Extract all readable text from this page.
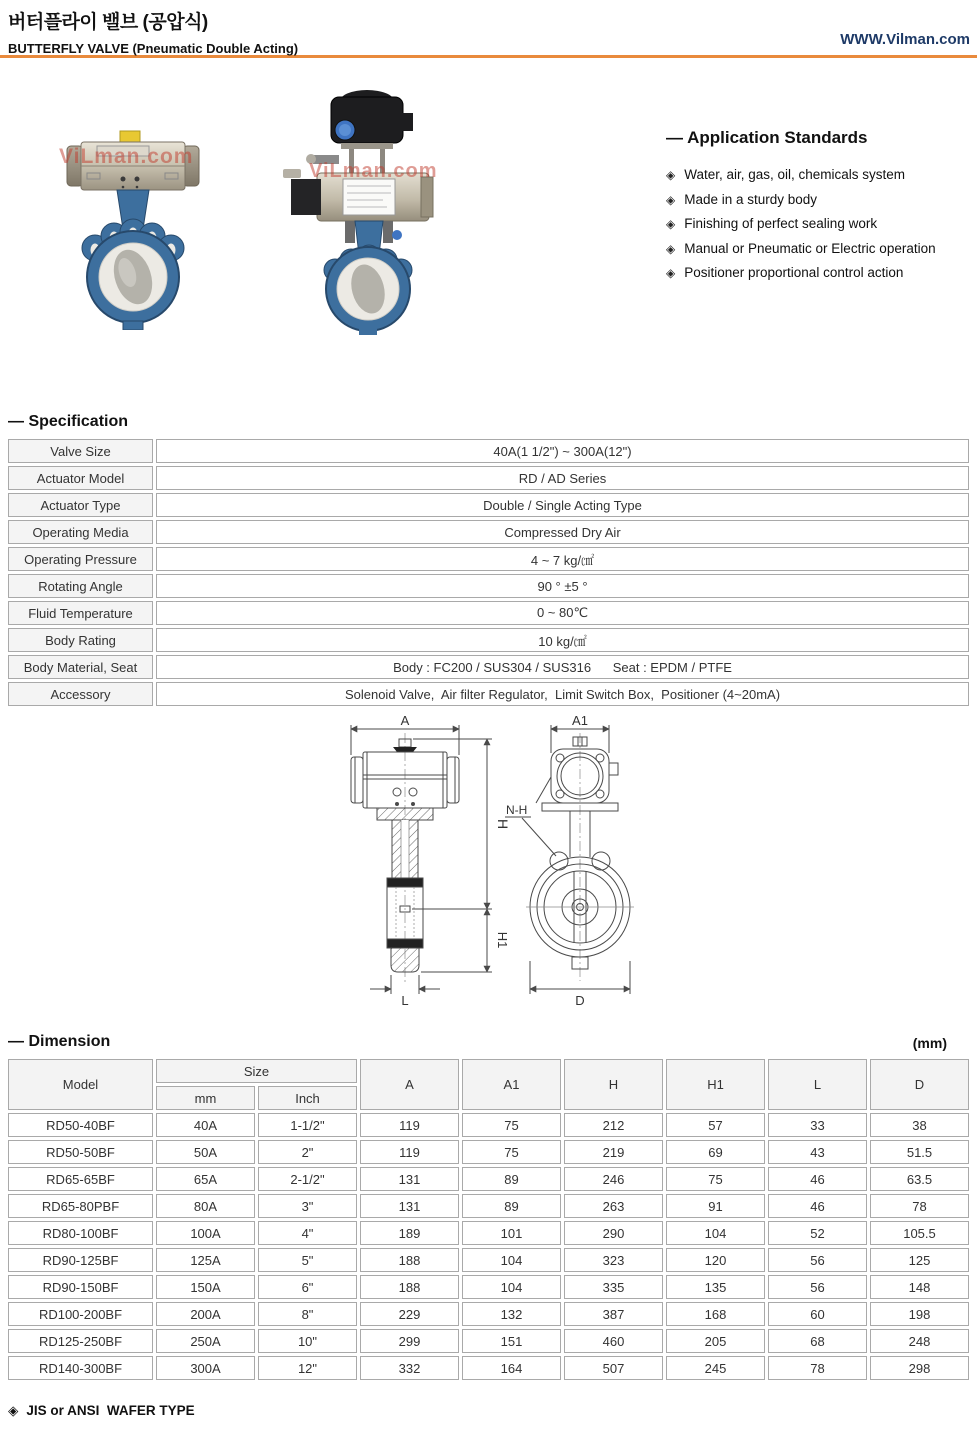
버터플라이 밸브 (공압식)
BUTTERFLY VALVE (Pneumatic Double Acting)
WWW.Vilman.com
ViLman.com
ViLman.com
— Application Standards
◈ Water, air, gas, oil, chemicals system
◈ Made in a sturdy body
◈ Finishing of perfect sealing work
◈ Manual or Pneumatic or Electric operation
◈ Positioner proportional control action
— Specification
Valve Size	40A(1 1/2") ~ 300A(12")
Actuator Model	RD / AD Series
Actuator Type	Double / Single Acting Type
Operating Media	Compressed Dry Air
Operating Pressure	4 ~ 7 kg/㎠
Rotating Angle	90 ° ±5 °
Fluid Temperature	0 ~ 80℃
Body Rating	10 kg/㎠
Body Material, Seat	Body : FC200 / SUS304 / SUS316      Seat : EPDM / PTFE
Accessory	Solenoid Valve,  Air filter Regulator,  Limit Switch Box,  Positioner (4~20mA)
A
H
H1
L
A1
N-H
D
— Dimension	(mm)
Model	Size		A	A1	H	H1	L	D
	mm	Inch						
RD50-40BF	40A	1-1/2"	119	75	212	57	33	38
RD50-50BF	50A	2"	119	75	219	69	43	51.5
RD65-65BF	65A	2-1/2"	131	89	246	75	46	63.5
RD65-80PBF	80A	3"	131	89	263	91	46	78
RD80-100BF	100A	4"	189	101	290	104	52	105.5
RD90-125BF	125A	5"	188	104	323	120	56	125
RD90-150BF	150A	6"	188	104	335	135	56	148
RD100-200BF	200A	8"	229	132	387	168	60	198
RD125-250BF	250A	10"	299	151	460	205	68	248
RD140-300BF	300A	12"	332	164	507	245	78	298
◈ JIS or ANSI  WAFER TYPE
